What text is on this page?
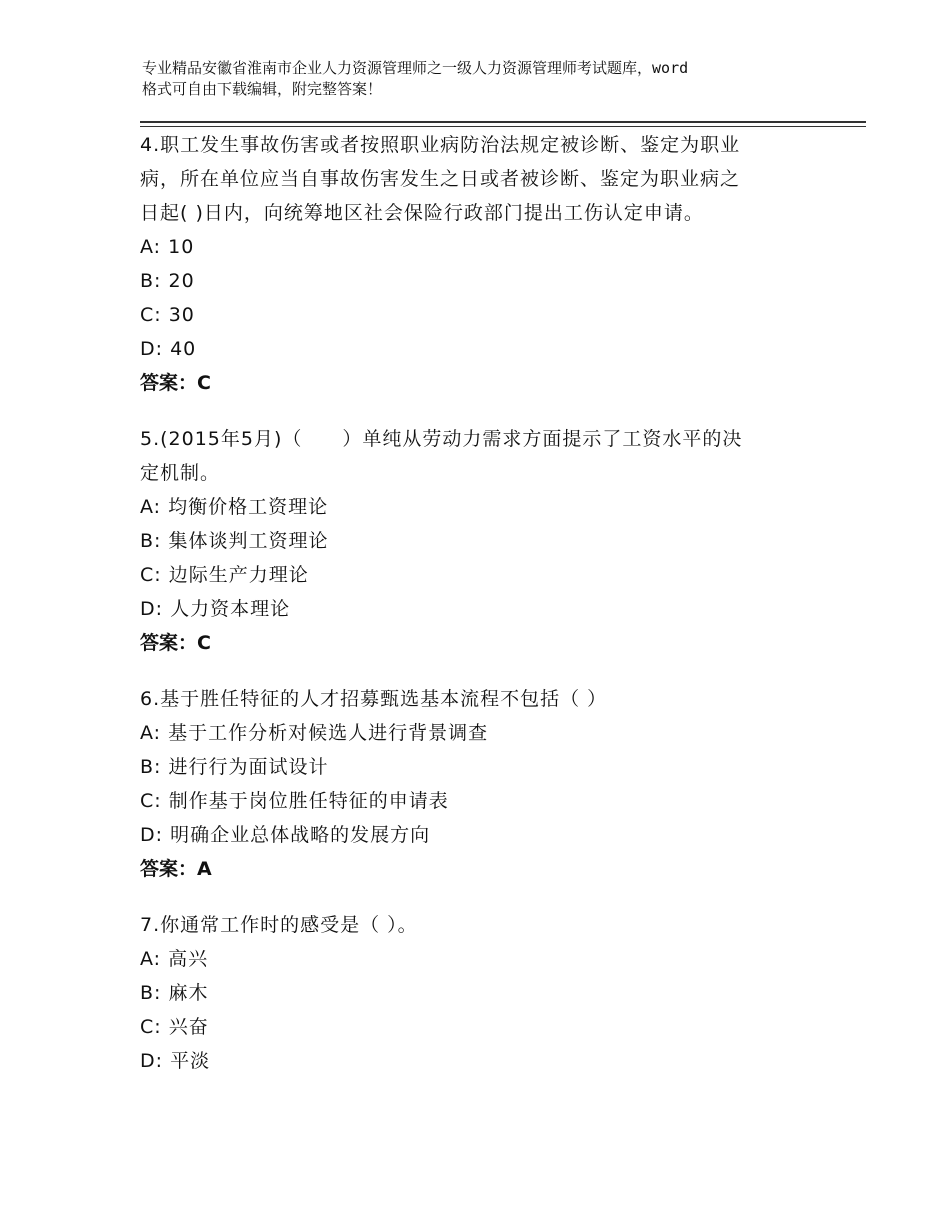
专业精品安徽省淮南市企业人力资源管理师之一级人力资源管理师考试题库，word
格式可自由下载编辑，附完整答案！

4.职工发生事故伤害或者按照职业病防治法规定被诊断、鉴定为职业

病，所在单位应当自事故伤害发生之日或者被诊断、鉴定为职业病之

日起( )日内，向统筹地区社会保险行政部门提出工伤认定申请。

A: 10

B: 20

C: 30

D: 40

答案：C

5.(2015年5月)（　　）单纯从劳动力需求方面提示了工资水平的决

定机制。

A: 均衡价格工资理论

B: 集体谈判工资理论

C: 边际生产力理论

D: 人力资本理论

答案：C

6.基于胜任特征的人才招募甄选基本流程不包括（ ）

A: 基于工作分析对候选人进行背景调查

B: 进行行为面试设计

C: 制作基于岗位胜任特征的申请表

D: 明确企业总体战略的发展方向

答案：A

7.你通常工作时的感受是（ ）。

A: 高兴

B: 麻木

C: 兴奋

D: 平淡
